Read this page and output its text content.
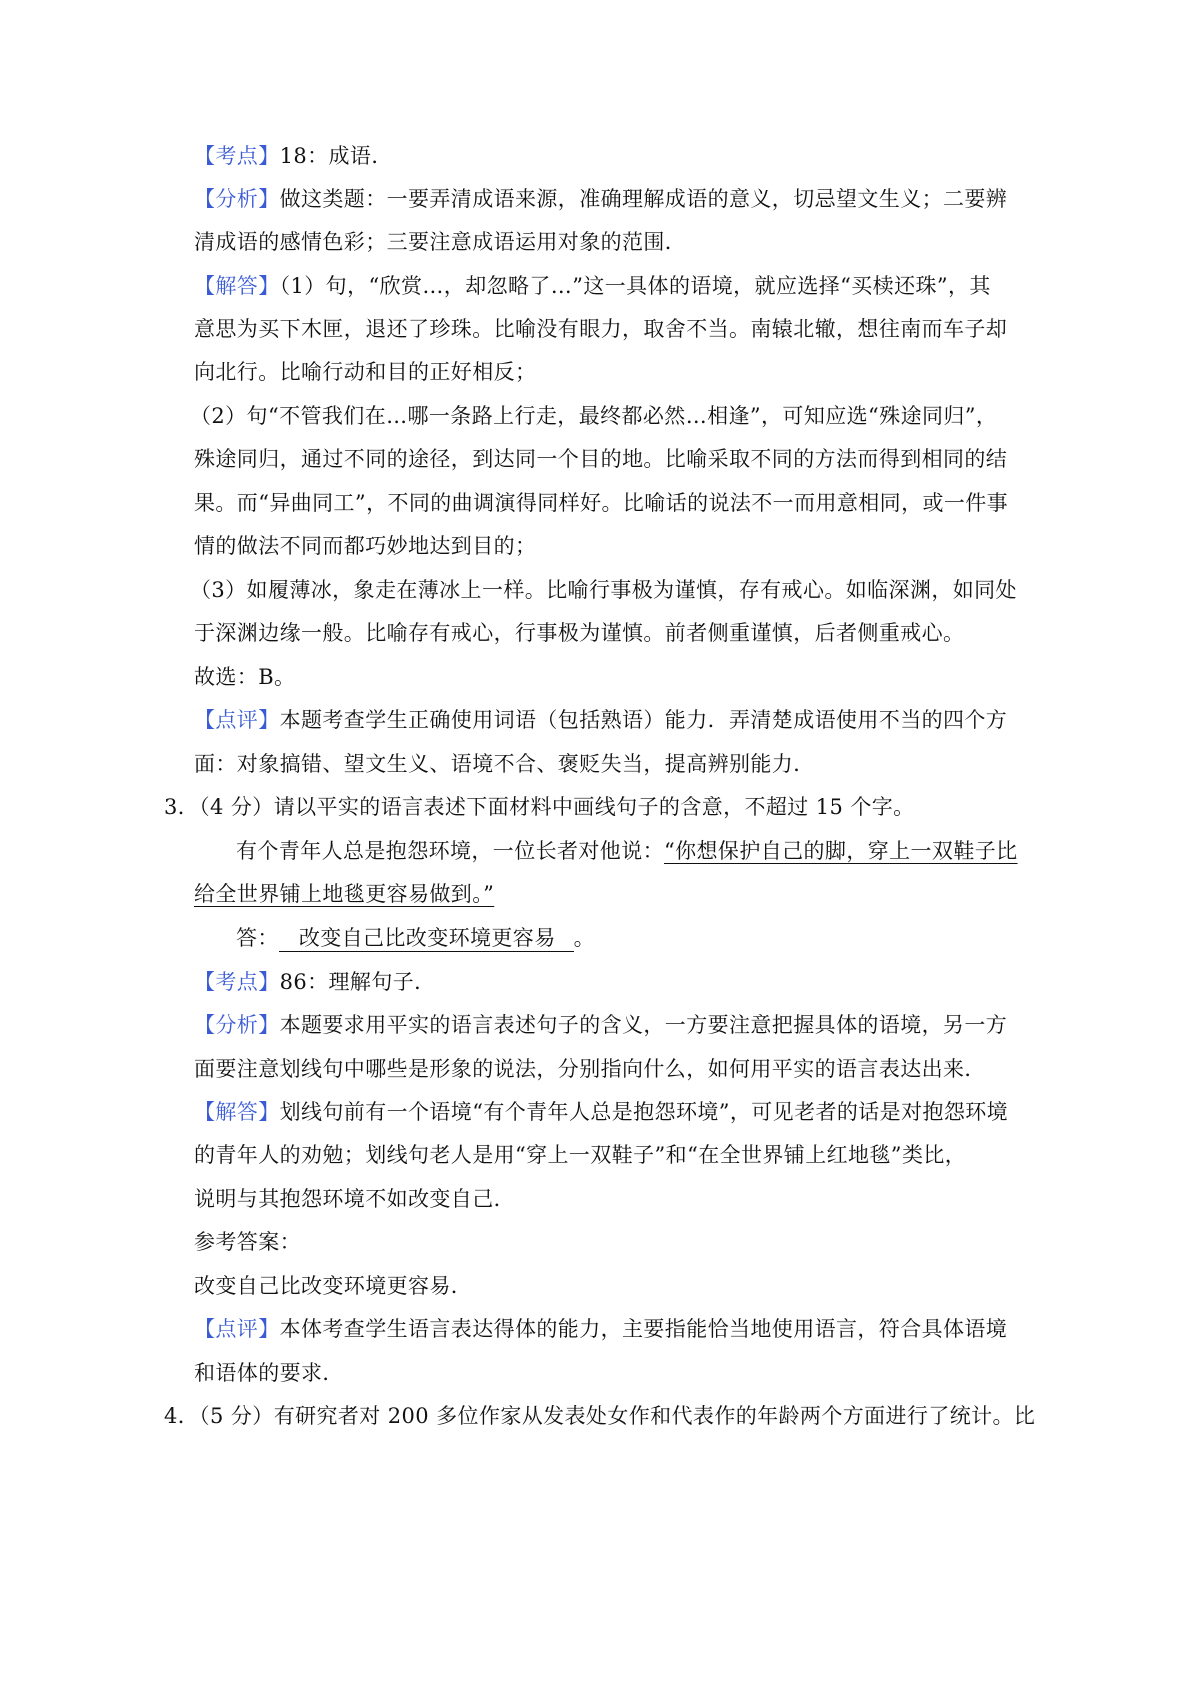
【考点】18：成语．
【分析】做这类题：一要弄清成语来源，准确理解成语的意义，切忌望文生义；二要辨
清成语的感情色彩；三要注意成语运用对象的范围．
【解答】（1）句，“欣赏…，却忽略了…”这一具体的语境，就应选择“买椟还珠”，其
意思为买下木匣，退还了珍珠。比喻没有眼力，取舍不当。南辕北辙，想往南而车子却
向北行。比喻行动和目的正好相反；
（2）句“不管我们在…哪一条路上行走，最终都必然…相逢”，可知应选“殊途同归”，
殊途同归，通过不同的途径，到达同一个目的地。比喻采取不同的方法而得到相同的结
果。而“异曲同工”，不同的曲调演得同样好。比喻话的说法不一而用意相同，或一件事
情的做法不同而都巧妙地达到目的；
（3）如履薄冰，象走在薄冰上一样。比喻行事极为谨慎，存有戒心。如临深渊，如同处
于深渊边缘一般。比喻存有戒心，行事极为谨慎。前者侧重谨慎，后者侧重戒心。
故选：B。
【点评】本题考查学生正确使用词语（包括熟语）能力．弄清楚成语使用不当的四个方
面：对象搞错、望文生义、语境不合、褒贬失当，提高辨别能力．
3．（4 分）请以平实的语言表述下面材料中画线句子的含意，不超过 15 个字。
有个青年人总是抱怨环境，一位长者对他说：“你想保护自己的脚，穿上一双鞋子比
给全世界铺上地毯更容易做到。”
答： 改变自己比改变环境更容易 。
【考点】86：理解句子．
【分析】本题要求用平实的语言表述句子的含义，一方要注意把握具体的语境，另一方
面要注意划线句中哪些是形象的说法，分别指向什么，如何用平实的语言表达出来．
【解答】划线句前有一个语境“有个青年人总是抱怨环境”，可见老者的话是对抱怨环境
的青年人的劝勉；划线句老人是用“穿上一双鞋子”和“在全世界铺上红地毯”类比，
说明与其抱怨环境不如改变自己．
参考答案：
改变自己比改变环境更容易．
【点评】本体考查学生语言表达得体的能力，主要指能恰当地使用语言，符合具体语境
和语体的要求．
4．（5 分）有研究者对 200 多位作家从发表处女作和代表作的年龄两个方面进行了统计。比
